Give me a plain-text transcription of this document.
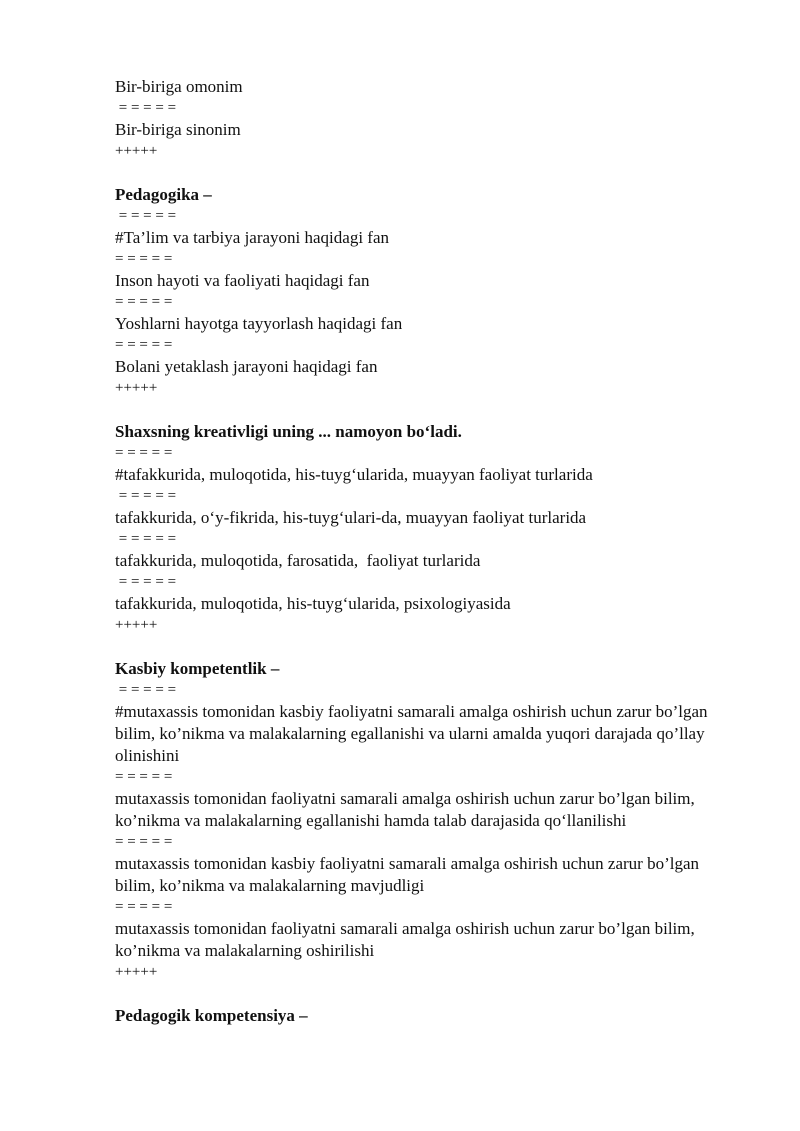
Bir-biriga omonim
= = = = =
Bir-biriga sinonim
+++++
Pedagogika –
= = = = =
#Ta’lim va tarbiya jarayoni haqidagi fan
= = = = =
Inson hayoti va faoliyati haqidagi fan
= = = = =
Yoshlarni hayotga tayyorlash haqidagi fan
= = = = =
Bolani yetaklash jarayoni haqidagi fan
+++++
Shaxsning kreativligi uning ... namoyon bo‘ladi.
= = = = =
#tafakkurida, muloqotida, his-tuyg‘ularida, muayyan faoliyat turlarida
= = = = =
tafakkurida, o‘y-fikrida, his-tuyg‘ulari-da, muayyan faoliyat turlarida
= = = = =
tafakkurida, muloqotida, farosatida,  faoliyat turlarida
= = = = =
tafakkurida, muloqotida, his-tuyg‘ularida, psixologiyasida
+++++
Kasbiy kompetentlik –
= = = = =
#mutaxassis tomonidan kasbiy faoliyatni samarali amalga oshirish uchun zarur bo’lgan bilim, ko’nikma va malakalarning egallanishi va ularni amalda yuqori darajada qo’llay olinishini
= = = = =
mutaxassis tomonidan faoliyatni samarali amalga oshirish uchun zarur bo’lgan bilim, ko’nikma va malakalarning egallanishi hamda talab darajasida qo‘llanilishi
= = = = =
mutaxassis tomonidan kasbiy faoliyatni samarali amalga oshirish uchun zarur bo’lgan bilim, ko’nikma va malakalarning mavjudligi
= = = = =
mutaxassis tomonidan faoliyatni samarali amalga oshirish uchun zarur bo’lgan bilim, ko’nikma va malakalarning oshirilishi
+++++
Pedagogik kompetensiya –
